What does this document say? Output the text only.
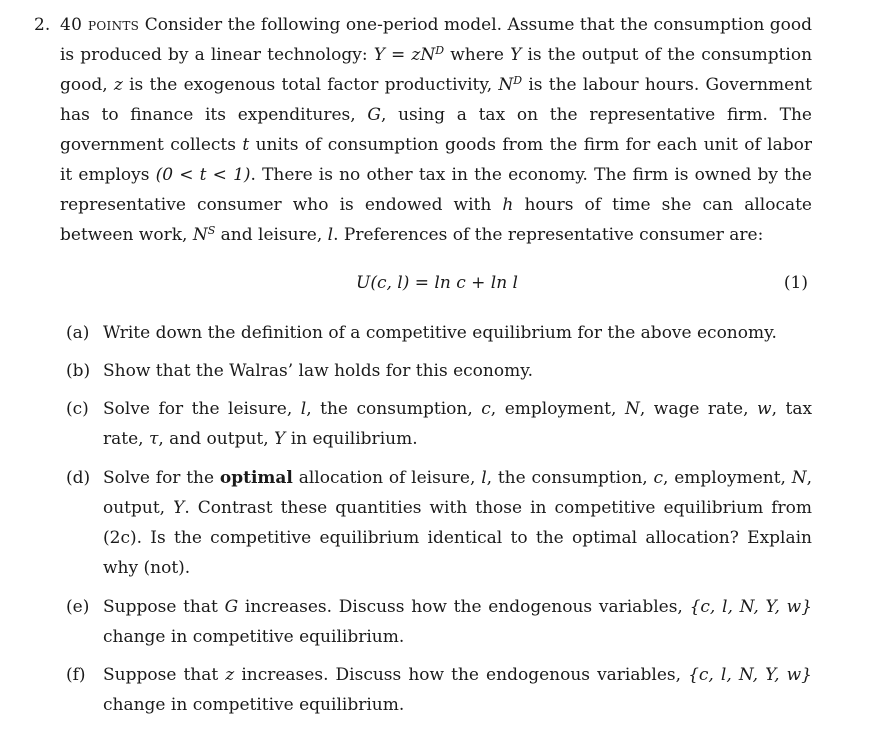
2. 40 points Consider the following one-period model. Assume that the consumption good is produced by a linear technology: $Y = zN^D$ where Y is the output of the consumption good, z is the exogenous total factor productivity, $N^D$ is the labour hours. Government has to finance its expenditures, G, using a tax on the representative firm. The government collects t units of consumption goods from the firm for each unit of labor it employs (0 < t < 1). There is no other tax in the economy. The firm is owned by the representative consumer who is endowed with h hours of time she can allocate between work, $N^S$ and leisure, l. Preferences of the representative consumer are:
U(c, l) = ln c + ln l	(1)
(a) Write down the definition of a competitive equilibrium for the above economy.
(b) Show that the Walras’ law holds for this economy.
(c) Solve for the leisure, l, the consumption, c, employment, N, wage rate, w, tax rate, τ, and output, Y in equilibrium.
(d) Solve for the optimal allocation of leisure, l, the consumption, c, employment, N, output, Y. Contrast these quantities with those in competitive equilibrium from (2c). Is the competitive equilibrium identical to the optimal allocation? Explain why (not).
(e) Suppose that G increases. Discuss how the endogenous variables, {c, l, N, Y, w} change in competitive equilibrium.
(f)	Suppose that z increases. Discuss how the endogenous variables, {c, l, N, Y, w} change in competitive equilibrium.
